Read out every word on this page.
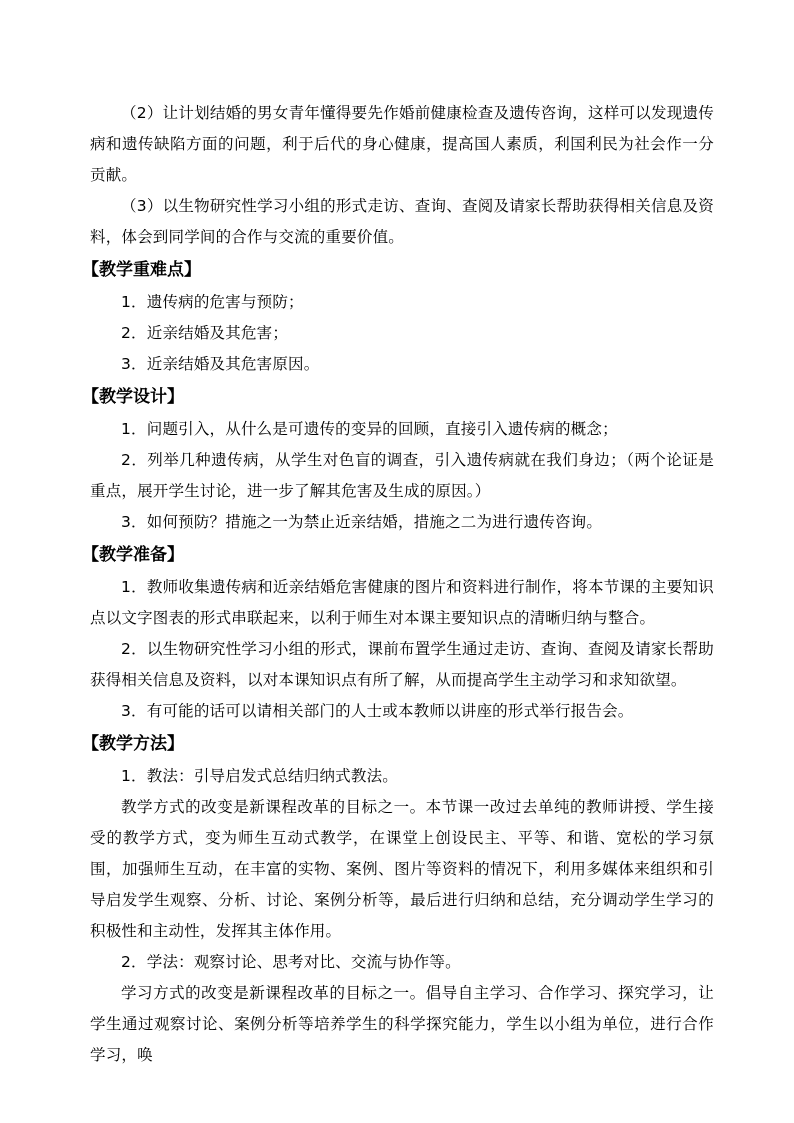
（2）让计划结婚的男女青年懂得要先作婚前健康检查及遗传咨询，这样可以发现遗传病和遗传缺陷方面的问题，利于后代的身心健康，提高国人素质，利国利民为社会作一分贡献。

（3）以生物研究性学习小组的形式走访、查询、查阅及请家长帮助获得相关信息及资料，体会到同学间的合作与交流的重要价值。

【教学重难点】

1．遗传病的危害与预防；

2．近亲结婚及其危害；

3．近亲结婚及其危害原因。

【教学设计】

1．问题引入，从什么是可遗传的变异的回顾，直接引入遗传病的概念；

2．列举几种遗传病，从学生对色盲的调查，引入遗传病就在我们身边；（两个论证是重点，展开学生讨论，进一步了解其危害及生成的原因。）

3．如何预防？措施之一为禁止近亲结婚，措施之二为进行遗传咨询。

【教学准备】

1．教师收集遗传病和近亲结婚危害健康的图片和资料进行制作，将本节课的主要知识点以文字图表的形式串联起来，以利于师生对本课主要知识点的清晰归纳与整合。

2．以生物研究性学习小组的形式，课前布置学生通过走访、查询、查阅及请家长帮助获得相关信息及资料，以对本课知识点有所了解，从而提高学生主动学习和求知欲望。

3．有可能的话可以请相关部门的人士或本教师以讲座的形式举行报告会。

【教学方法】

1．教法：引导启发式总结归纳式教法。

教学方式的改变是新课程改革的目标之一。本节课一改过去单纯的教师讲授、学生接受的教学方式，变为师生互动式教学，在课堂上创设民主、平等、和谐、宽松的学习氛围，加强师生互动，在丰富的实物、案例、图片等资料的情况下，利用多媒体来组织和引导启发学生观察、分析、讨论、案例分析等，最后进行归纳和总结，充分调动学生学习的积极性和主动性，发挥其主体作用。

2．学法：观察讨论、思考对比、交流与协作等。

学习方式的改变是新课程改革的目标之一。倡导自主学习、合作学习、探究学习，让学生通过观察讨论、案例分析等培养学生的科学探究能力，学生以小组为单位，进行合作学习，唤
